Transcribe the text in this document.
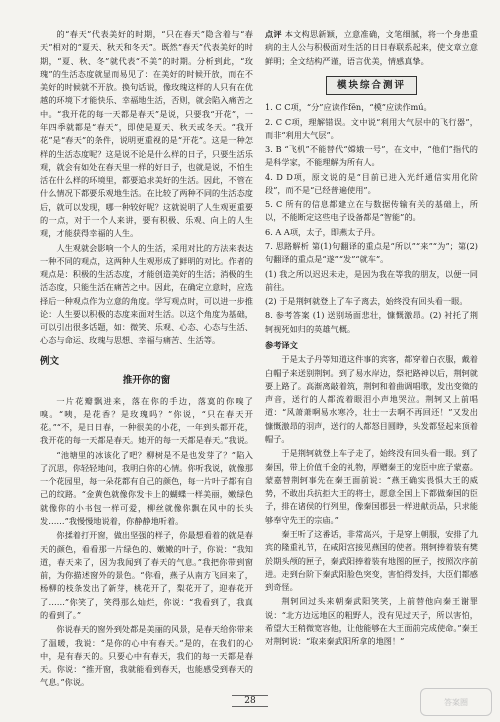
的“春天”代表美好的时期，“只在春天”隐含着与“春天”相对的“夏天、秋天和冬天”。既然“春天”代表美好的时期，“夏、秋、冬”就代表“不美”的时期。分析到此，“玫瑰”的生活态度就显而易见了：在美好的时候开放，而在不美好的时候就不开放。换句话说，像玫瑰这样的人只有在优越的环境下才能快乐、幸福地生活，否则，就会陷入痛苦之中。“我开花的每一天都是春天”是说，只要我“开花”，一年四季就都是“春天”，即使是夏天、秋天或冬天。“我开花”是“春天”的条件，说明更重视的是“开花”。这是一种怎样的生活态度呢？这是说不论是什么样的日子，只要生活乐观，就会有如处在春天里一样的好日子，也就是说，不怕生活在什么样的环境里，都要追求美好的生活。因此，不管在什么情况下都要乐观地生活。在比较了两种不同的生活态度后，就可以发现，哪一种较好呢？这就说明了人生观更重要的一点，对于一个人来讲，要有积极、乐观、向上的人生观，才能获得幸福的人生。

人生观就会影响一个人的生活，采用对比的方法来表达一种不同的观点，这两种人生观形成了鲜明的对比。作者的观点是：积极的生活态度，才能创造美好的生活；消极的生活态度，只能生活在痛苦之中。因此，在确定立意时，应选择后一种观点作为立意的角度。学写观点时，可以进一步推论：人生要以积极的态度来面对生活。以这个角度为基础，可以引出很多话题，如：微笑、乐观、心态、心态与生活、心态与命运、玫瑰与思想、幸福与痛苦、生活等。

例文
推开你的窗

一片花瓣飘进来，落在你的手边，落寞的你嗅了嗅。“咦，是花香？是玫瑰吗？”你说，“只在春天开花。”“不，是日日春，一种很美的小花，一年到头都开花，我开花的每一天都是春天。她开的每一天都是春天。”我说。

“池塘里的冰该化了吧？柳树是不是也发芽了？”陷入了沉思，你轻轻地问，我明白你的心情。你听我说，就像那一个花园里，每一朵花都有自己的颜色，每一片叶子都有自己的纹路。“金黄色就像你发卡上的蝴蝶一样美丽，嫩绿色就像你的小书包一样可爱，柳丝就像你飘在风中的长头发……”我慢慢地说着，你静静地听着。

你揉着打开窗，做出坚强的样子，你最想看着的就是春天的颜色，看看那一片绿色的、嫩嫩的叶子，你说：“我知道，春天来了，因为我闻到了春天的气息。”我把你带到窗前，为你描述窗外的景色。“你看，燕子从南方飞回来了，杨柳的枝条发出了新芽，桃花开了，梨花开了，迎春花开了……”你笑了，笑得那么灿烂，你说：“我看到了，我真的看到了。”

你说春天的窗外到处都是美丽的风景，是春天给你带来了温暖，我说：“是你的心中有春天。”是的，在我们的心中，是有春天的。只要心中有春天，我们的每一天都是春天。你说：“推开窗，我就能看到春天，也能感受到春天的气息。”你说。

点评 本文构思新颖，立意准确，文笔细腻，将一个身患重病的主人公与积极面对生活的日日春联系起来，使文章立意鲜明；全文结构严谨，语言优美，情感真挚。

模块综合测评

1. C C项，“分”应读作fēn，“模”应读作mú。

2. C C项，理解错误。文中说“利用大气层中的飞行器”，而非“利用大气层”。

3. B “飞机”不能替代“嫦娥一号”，在文中，“他们”指代的是科学家，不能理解为所有人。

4. D D项，原文说的是“目前已进入光纤通信实用化阶段”，而不是“已经普遍使用”。

5. C 所有的信息都建立在与数据传输有关的基础上，所以，不能断定这些电子设备都是“智能”的。

6. A A项，太子，即燕太子丹。

7. 思路解析 第(1)句翻译的重点是“所以”“来”“为”；第(2)句翻译的重点是“遂”“发”“就车”。

(1) 我之所以迟迟未走，是因为我在等我的朋友，以便一同前往。

(2) 于是荆轲就登上了车子离去，始终没有回头看一眼。

8. 参考答案 (1) 送别场面悲壮，慷慨激昂。(2) 衬托了荆轲视死如归的英雄气概。

参考译文

于是太子丹等知道这件事的宾客，都穿着白衣服，戴着白帽子来送别荆轲。到了易水岸边，祭祀路神以后，荆轲就要上路了。高渐离敲着筑，荆轲和着曲调唱歌，发出变徵的声音，送行的人都流着眼泪小声地哭泣。荆轲又上前唱道：“风萧萧啊易水寒冷，壮士一去啊不再回还！”又发出慷慨激昂的羽声，送行的人都怒目圆睁，头发都竖起来顶着帽子。

于是荆轲就登上车子走了，始终没有回头看一眼。到了秦国，带上价值千金的礼物，厚赠秦王的宠臣中庶子蒙嘉。蒙嘉替荆轲事先在秦王面前说：“燕王确实畏惧大王的威势，不敢出兵抗拒大王的将士，愿意全国上下都做秦国的臣子，排在诸侯的行列里，像秦国郡县一样进献贡品，只求能够奉守先王的宗庙。”

秦王听了这番话，非常高兴，于是穿上朝服，安排了九宾的隆重礼节，在咸阳宫接见燕国的使者。荆轲捧着装有樊於期头颅的匣子，秦武阳捧着装有地图的匣子，按照次序前进。走到台阶下秦武阳脸色突变，害怕得发抖，大臣们都感到奇怪。

荆轲回过头来朝秦武阳笑笑，上前替他向秦王谢罪说：“北方边远地区的粗野人，没有见过天子，所以害怕，希望大王稍微宽容他，让他能够在大王面前完成使命。”秦王对荆轲说：“取来秦武阳所拿的地图！”

28	答案圈
